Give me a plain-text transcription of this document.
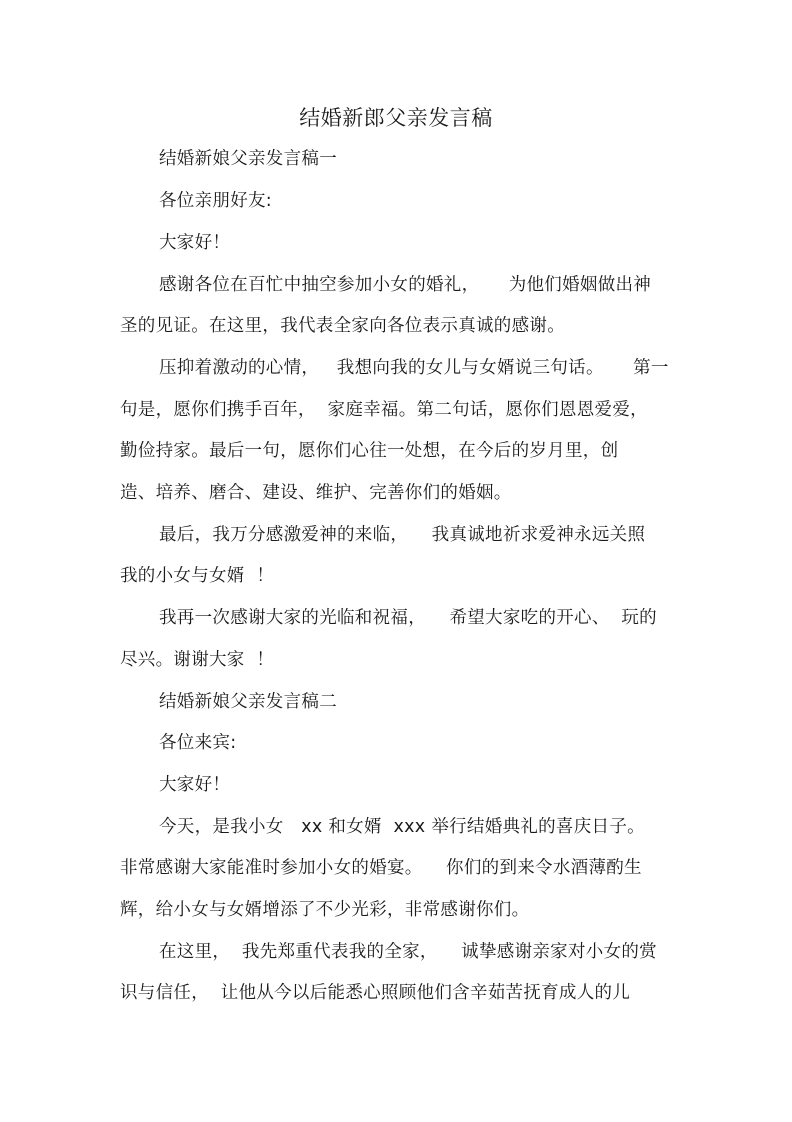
结婚新郎父亲发言稿
结婚新娘父亲发言稿一
各位亲朋好友:
大家好！
感谢各位在百忙中抽空参加小女的婚礼，     为他们婚姻做出神
圣的见证。在这里，我代表全家向各位表示真诚的感谢。
压抑着激动的心情，   我想向我的女儿与女婿说三句话。     第一
句是，愿你们携手百年，  家庭幸福。第二句话，愿你们恩恩爱爱，
勤俭持家。最后一句，愿你们心往一处想，在今后的岁月里，创
造、培养、磨合、建设、维护、完善你们的婚姻。
最后，我万分感激爱神的来临，    我真诚地祈求爱神永远关照
我的小女与女婿  ！
我再一次感谢大家的光临和祝福，    希望大家吃的开心、  玩的
尽兴。谢谢大家  ！
结婚新娘父亲发言稿二
各位来宾:
大家好！
今天，是我小女   xx 和女婿  xxx 举行结婚典礼的喜庆日子。
非常感谢大家能准时参加小女的婚宴。    你们的到来令水酒薄酌生
辉，给小女与女婿增添了不少光彩，非常感谢你们。
在这里，  我先郑重代表我的全家，    诚挚感谢亲家对小女的赏
识与信任，  让他从今以后能悉心照顾他们含辛茹苦抚育成人的儿
